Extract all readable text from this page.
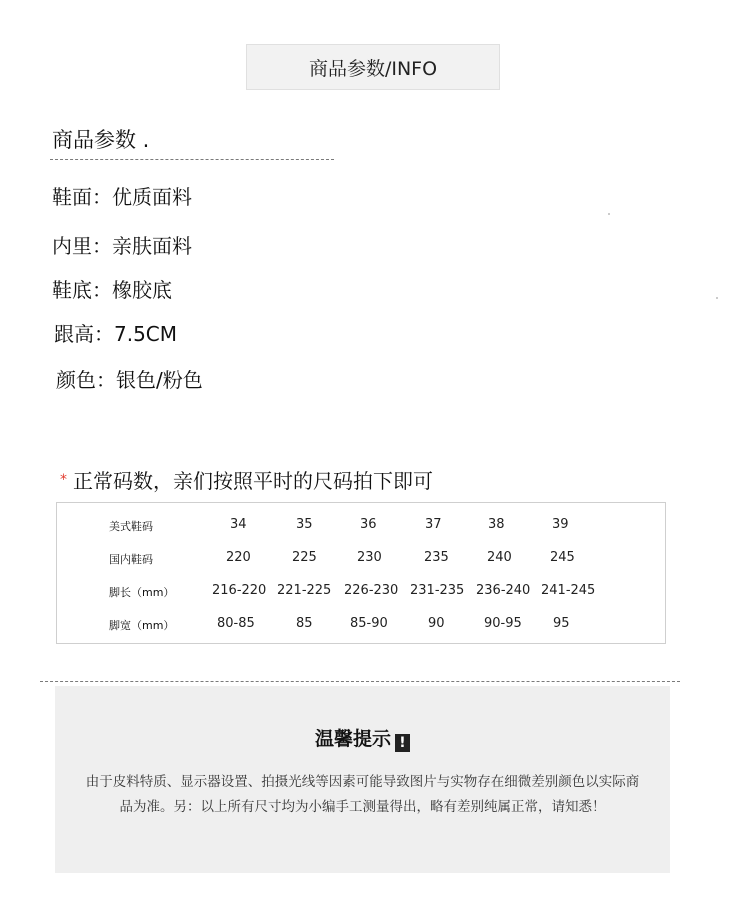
商品参数/INFO
商品参数 .
鞋面：优质面料
内里：亲肤面料
鞋底：橡胶底
跟高：7.5CM
颜色：银色/粉色
* 正常码数，亲们按照平时的尺码拍下即可
美式鞋码	34	35	36	37	38	39
国内鞋码	220	225	230	235	240	245
脚长（mm）	216-220 221-225 226-230 231-235 236-240 241-245
脚宽（mm）	80-85	85	85-90	90	90-95 95
温馨提示 !
由于皮料特质、显示器设置、拍摄光线等因素可能导致图片与实物存在细微差别颜色以实际商品为准。另：以上所有尺寸均为小编手工测量得出，略有差别纯属正常，请知悉！
